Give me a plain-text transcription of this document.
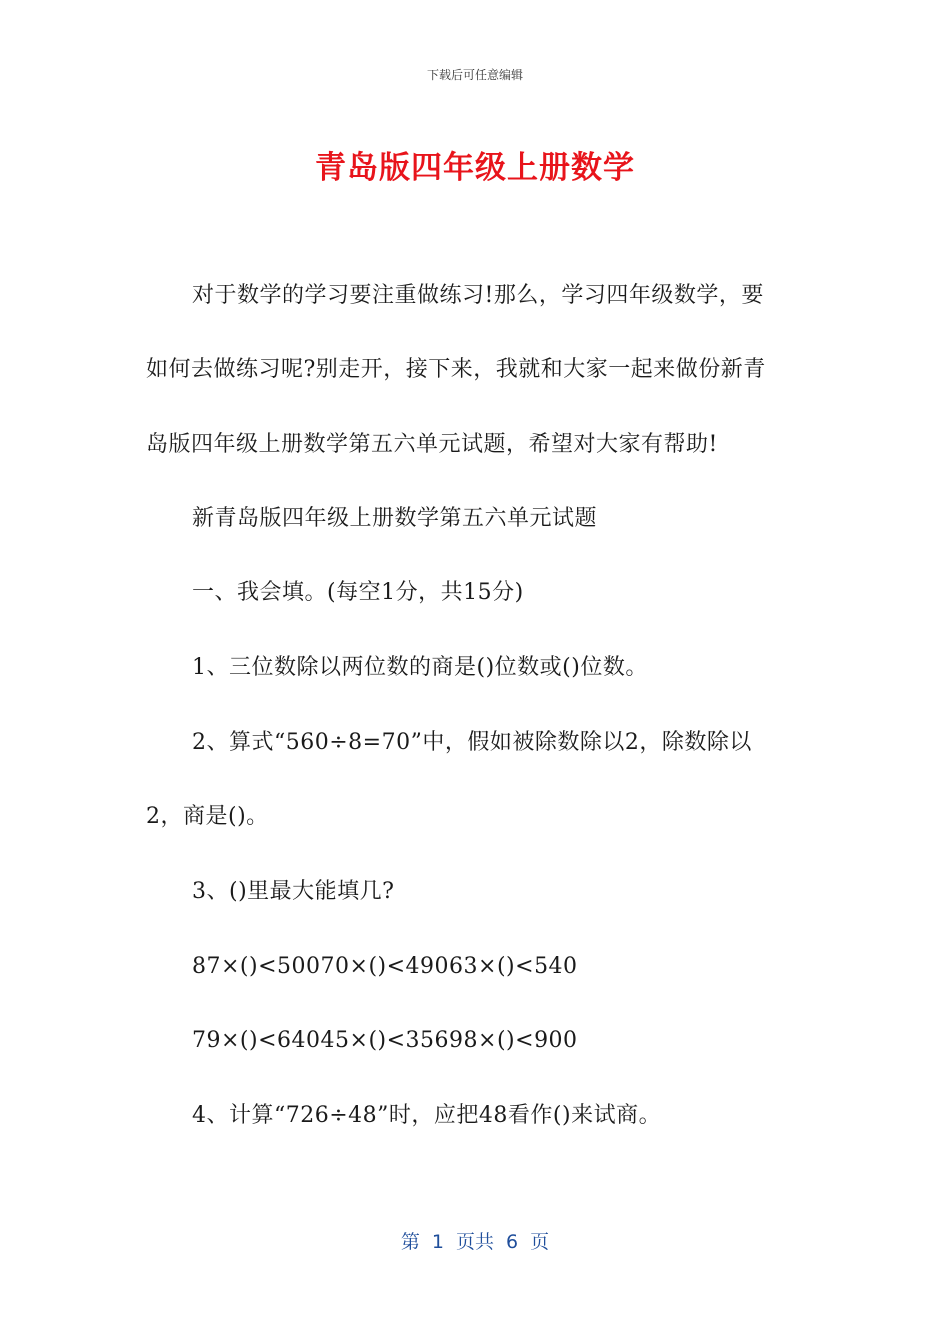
下载后可任意编辑
青岛版四年级上册数学
对于数学的学习要注重做练习!那么，学习四年级数学，要
如何去做练习呢?别走开，接下来，我就和大家一起来做份新青
岛版四年级上册数学第五六单元试题，希望对大家有帮助!
新青岛版四年级上册数学第五六单元试题
一、我会填。(每空1分，共15分)
1、三位数除以两位数的商是()位数或()位数。
2、算式“560÷8=70”中，假如被除数除以2，除数除以
2，商是()。
3、()里最大能填几?
87×()<50070×()<49063×()<540
79×()<64045×()<35698×()<900
4、计算“726÷48”时，应把48看作()来试商。
第 1 页共 6 页
